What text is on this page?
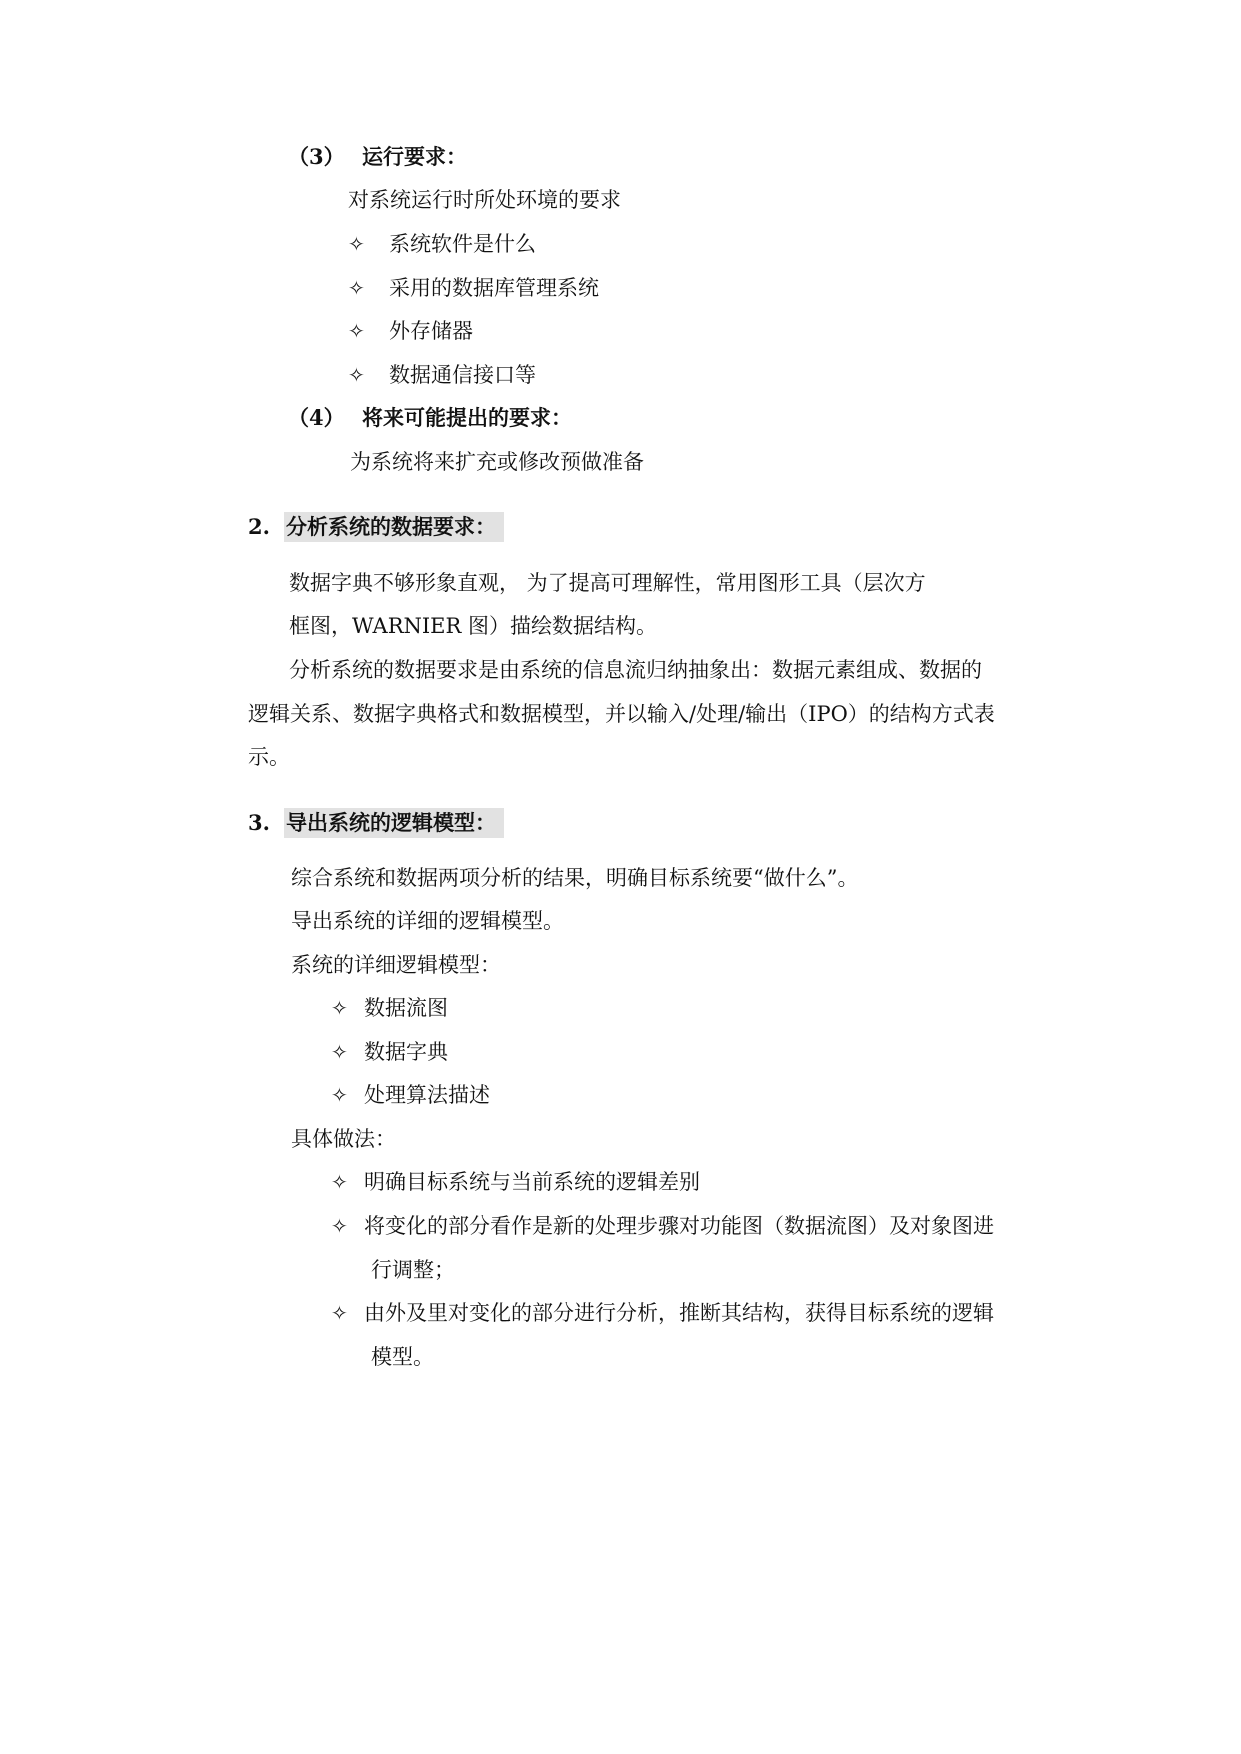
（3） 运行要求：
对系统运行时所处环境的要求
✧ 系统软件是什么
✧ 采用的数据库管理系统
✧ 外存储器
✧ 数据通信接口等
（4） 将来可能提出的要求：
为系统将来扩充或修改预做准备
2. 分析系统的数据要求：
数据字典不够形象直观， 为了提高可理解性，常用图形工具（层次方
框图，WARNIER 图）描绘数据结构。
分析系统的数据要求是由系统的信息流归纳抽象出：数据元素组成、数据的
逻辑关系、数据字典格式和数据模型，并以输入/处理/输出（IPO）的结构方式表
示。
3. 导出系统的逻辑模型：
综合系统和数据两项分析的结果，明确目标系统要“做什么”。
导出系统的详细的逻辑模型。
系统的详细逻辑模型：
✧ 数据流图
✧ 数据字典
✧ 处理算法描述
具体做法：
✧ 明确目标系统与当前系统的逻辑差别
✧ 将变化的部分看作是新的处理步骤对功能图（数据流图）及对象图进
行调整；
✧ 由外及里对变化的部分进行分析，推断其结构，获得目标系统的逻辑
模型。
